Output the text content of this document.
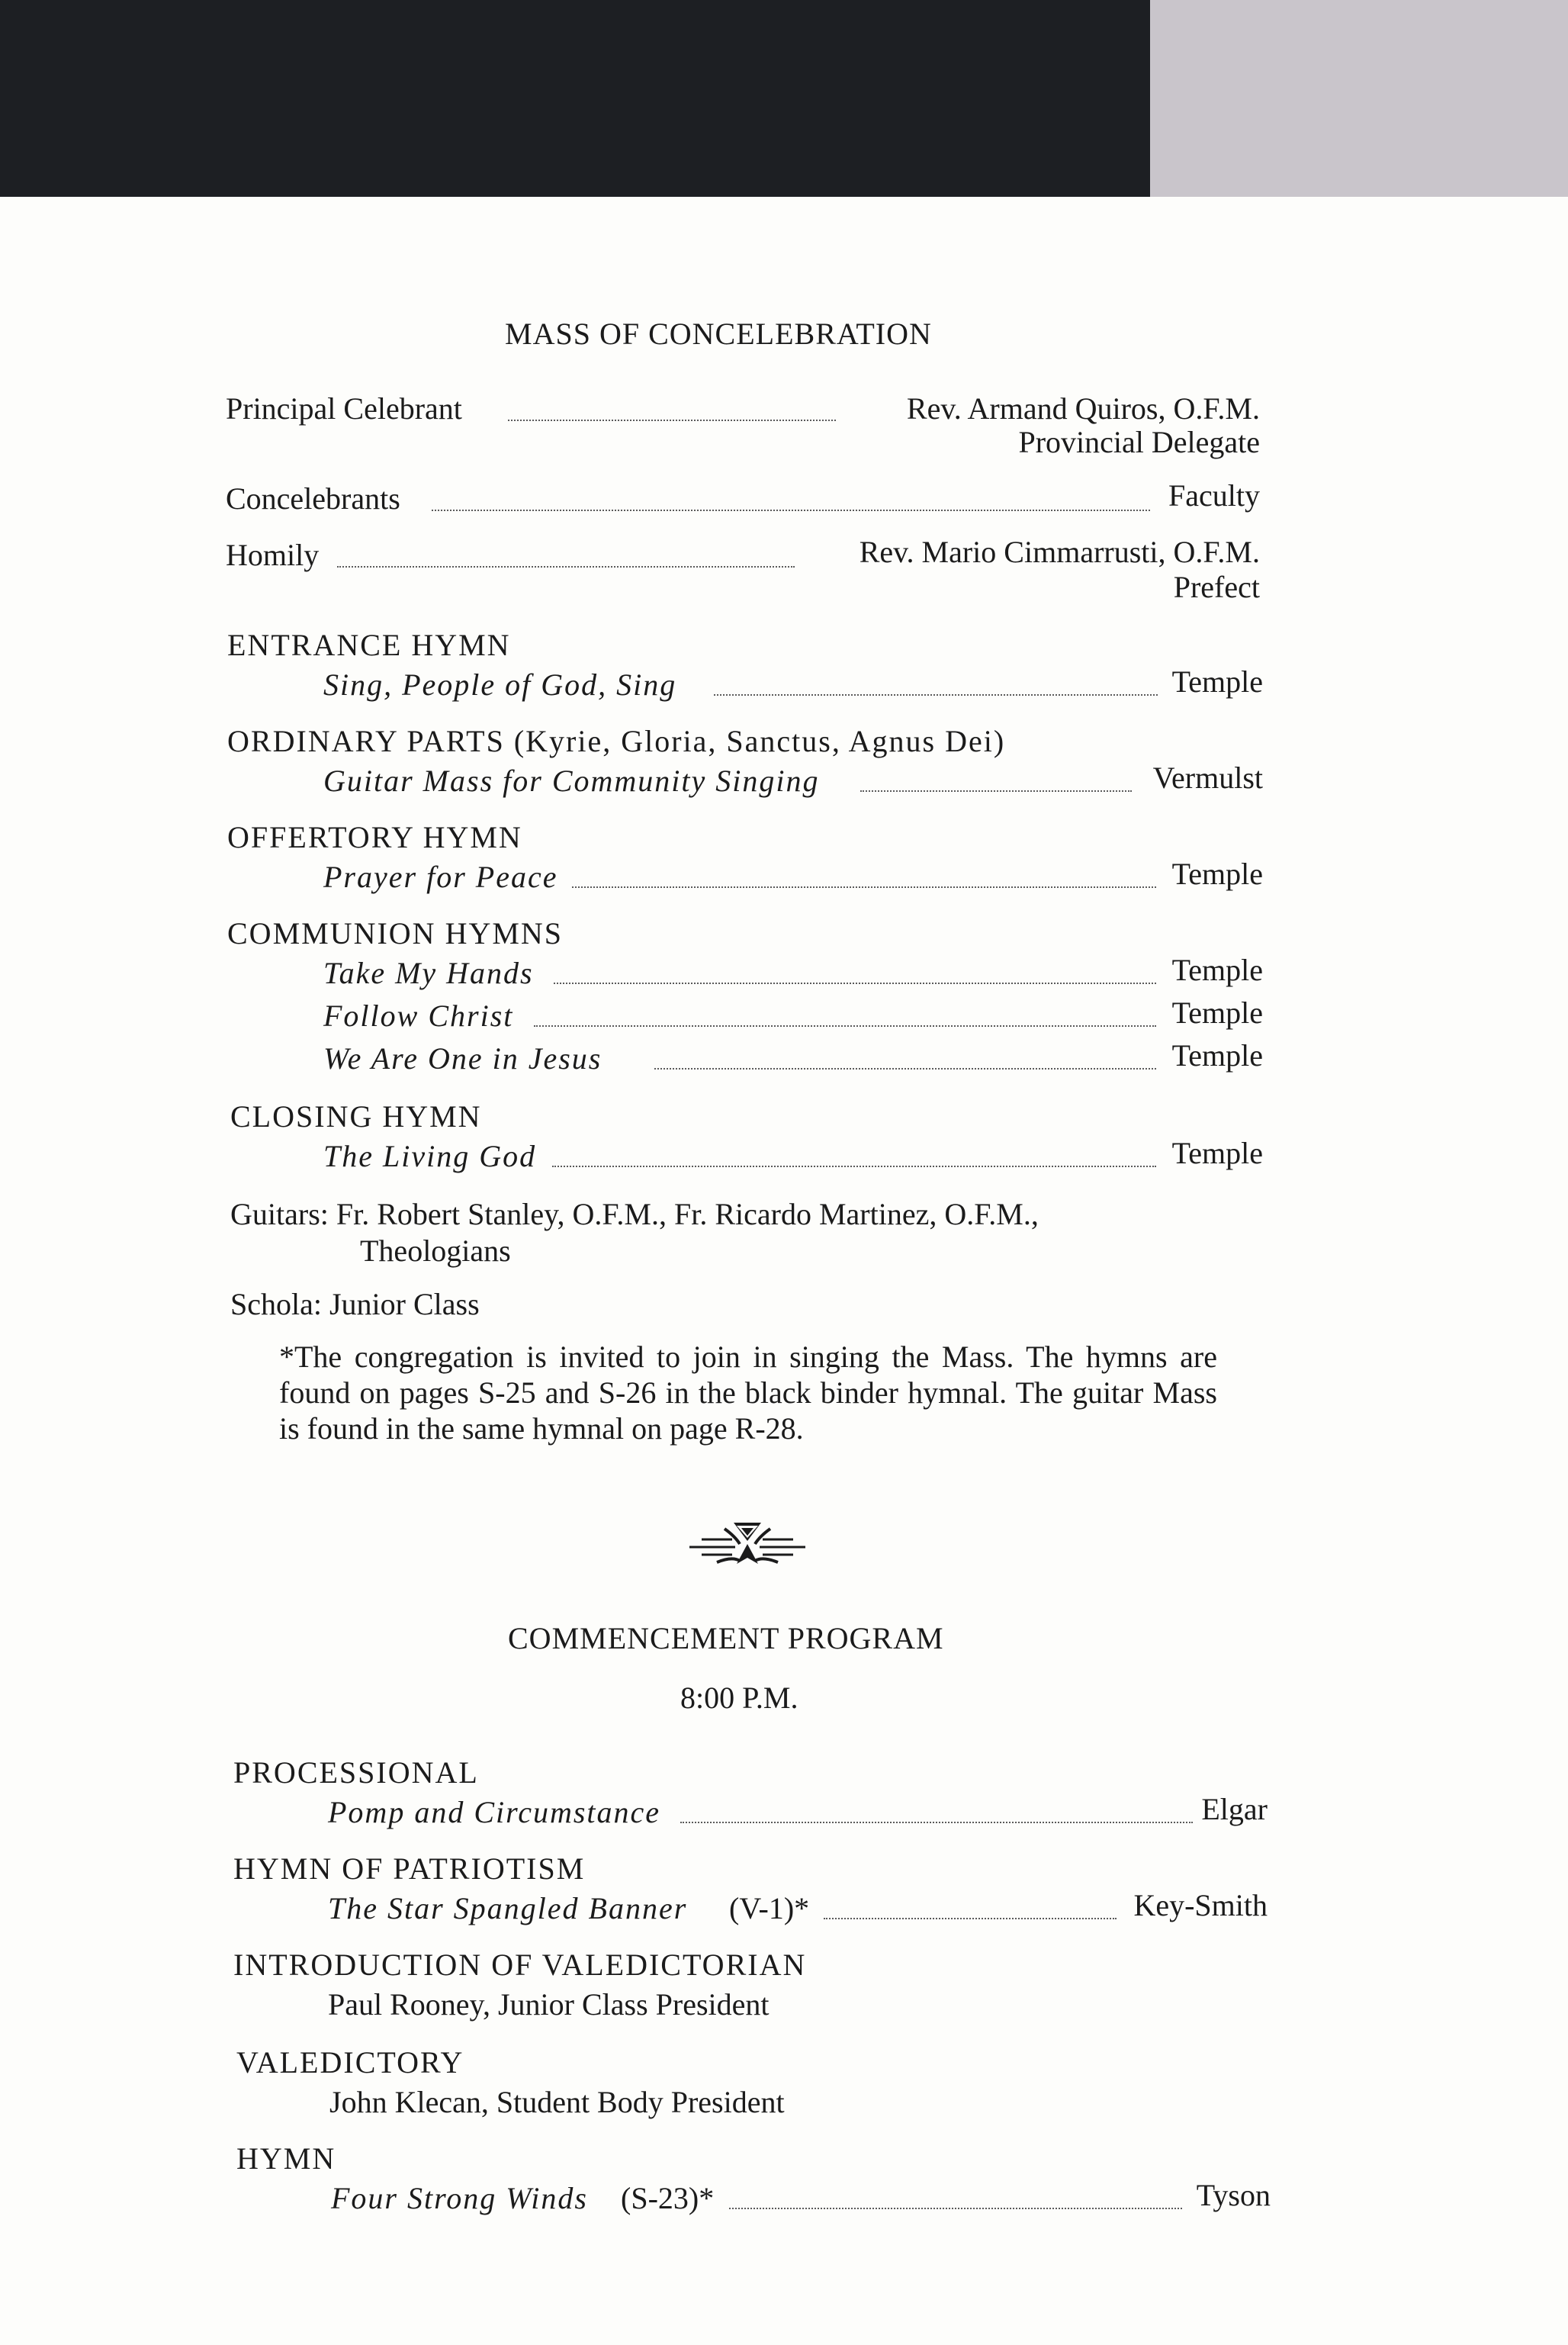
MASS OF CONCELEBRATION
Principal Celebrant	Rev. Armand Quiros, O.F.M.
Provincial Delegate
Concelebrants	Faculty
Homily	Rev. Mario Cimmarrusti, O.F.M.
Prefect
ENTRANCE HYMN
Sing, People of God, Sing	Temple
ORDINARY PARTS (Kyrie, Gloria, Sanctus, Agnus Dei)
Guitar Mass for Community Singing	Vermulst
OFFERTORY HYMN
Prayer for Peace	Temple
COMMUNION HYMNS
Take My Hands	Temple
Follow Christ	Temple
We Are One in Jesus	Temple
CLOSING HYMN
The Living God	Temple
Guitars: Fr. Robert Stanley, O.F.M., Fr. Ricardo Martinez, O.F.M.,
Theologians
Schola: Junior Class
*The congregation is invited to join in singing the Mass. The hymns are found on pages S-25 and S-26 in the black binder hymnal. The guitar Mass is found in the same hymnal on page R-28.
COMMENCEMENT PROGRAM
8:00 P.M.
PROCESSIONAL
Pomp and Circumstance	Elgar
HYMN OF PATRIOTISM
The Star Spangled Banner (V-1)*	Key-Smith
INTRODUCTION OF VALEDICTORIAN
Paul Rooney, Junior Class President
VALEDICTORY
John Klecan, Student Body President
HYMN
Four Strong Winds (S-23)*	Tyson
